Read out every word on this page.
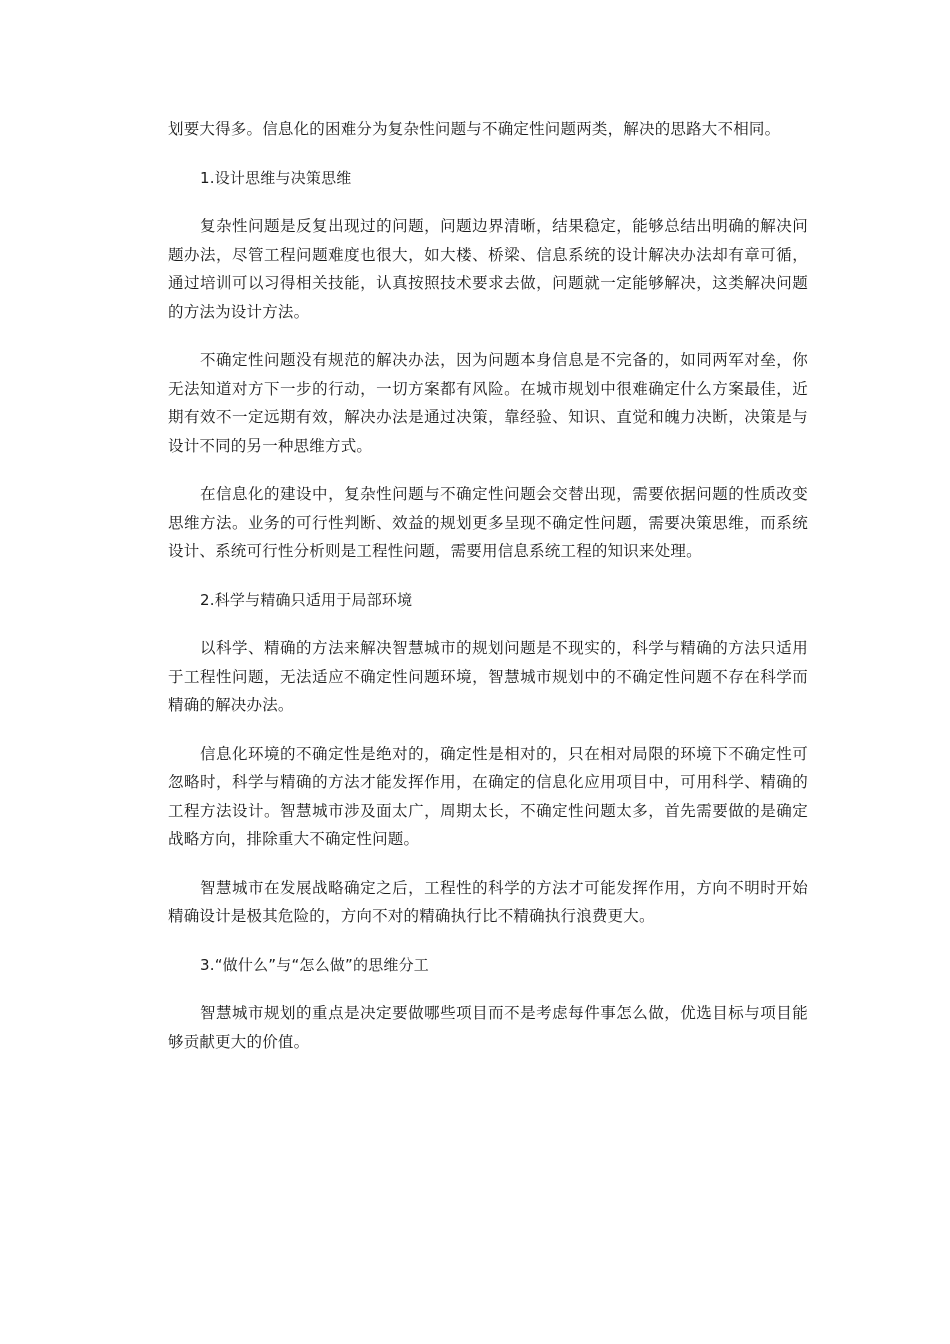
划要大得多。信息化的困难分为复杂性问题与不确定性问题两类，解决的思路大不相同。

1.设计思维与决策思维

复杂性问题是反复出现过的问题，问题边界清晰，结果稳定，能够总结出明确的解决问题办法，尽管工程问题难度也很大，如大楼、桥梁、信息系统的设计解决办法却有章可循，通过培训可以习得相关技能，认真按照技术要求去做，问题就一定能够解决，这类解决问题的方法为设计方法。

不确定性问题没有规范的解决办法，因为问题本身信息是不完备的，如同两军对垒，你无法知道对方下一步的行动，一切方案都有风险。在城市规划中很难确定什么方案最佳，近期有效不一定远期有效，解决办法是通过决策，靠经验、知识、直觉和魄力决断，决策是与设计不同的另一种思维方式。

在信息化的建设中，复杂性问题与不确定性问题会交替出现，需要依据问题的性质改变思维方法。业务的可行性判断、效益的规划更多呈现不确定性问题，需要决策思维，而系统设计、系统可行性分析则是工程性问题，需要用信息系统工程的知识来处理。

2.科学与精确只适用于局部环境

以科学、精确的方法来解决智慧城市的规划问题是不现实的，科学与精确的方法只适用于工程性问题，无法适应不确定性问题环境，智慧城市规划中的不确定性问题不存在科学而精确的解决办法。

信息化环境的不确定性是绝对的，确定性是相对的，只在相对局限的环境下不确定性可忽略时，科学与精确的方法才能发挥作用，在确定的信息化应用项目中，可用科学、精确的工程方法设计。智慧城市涉及面太广，周期太长，不确定性问题太多，首先需要做的是确定战略方向，排除重大不确定性问题。

智慧城市在发展战略确定之后，工程性的科学的方法才可能发挥作用，方向不明时开始精确设计是极其危险的，方向不对的精确执行比不精确执行浪费更大。

3.“做什么”与“怎么做”的思维分工

智慧城市规划的重点是决定要做哪些项目而不是考虑每件事怎么做，优选目标与项目能够贡献更大的价值。
